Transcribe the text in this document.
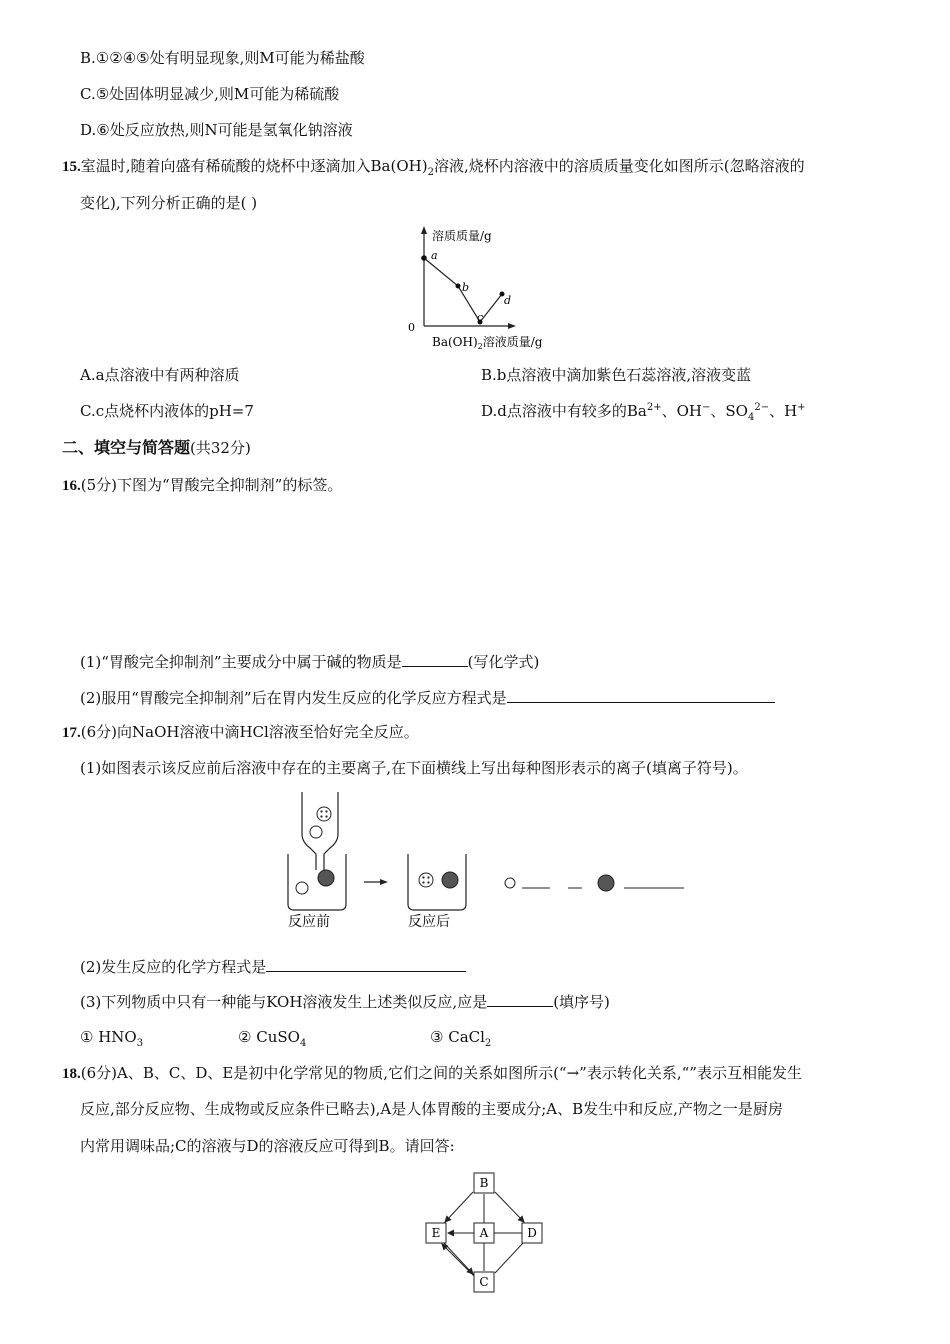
B.①②④⑤处有明显现象,则M可能为稀盐酸
C.⑤处固体明显减少,则M可能为稀硫酸
D.⑥处反应放热,则N可能是氢氧化钠溶液
15.室温时,随着向盛有稀硫酸的烧杯中逐滴加入$Ba(OH)_2$溶液,烧杯内溶液中的溶质质量变化如图所示(忽略溶液的
变化),下列分析正确的是( )
溶质质量/g
0
a
b
c
d
$Ba(OH)_2$溶液质量/g
A.a点溶液中有两种溶质	B.b点溶液中滴加紫色石蕊溶液,溶液变蓝
C.c点烧杯内液体的pH=7	D.d点溶液中有较多的$Ba^{2+}$、OH−、$SO_4^{2-}$、H+
二、填空与简答题(共32分)
16.(5分)下图为“胃酸完全抑制剂”的标签。
(1)“胃酸完全抑制剂”主要成分中属于碱的物质是	(写化学式)
(2)服用“胃酸完全抑制剂”后在胃内发生反应的化学反应方程式是
17.(6分)向NaOH溶液中滴HCl溶液至恰好完全反应。
(1)如图表示该反应前后溶液中存在的主要离子,在下面横线上写出每种图形表示的离子(填离子符号)。
反应前	反应后
(2)发生反应的化学方程式是
(3)下列物质中只有一种能与KOH溶液发生上述类似反应,应是	(填序号)
① $HNO_3$	② CuSO$_4$	③ CaCl$_2$
18.(6分)A、B、C、D、E是初中化学常见的物质,它们之间的关系如图所示(“→”表示转化关系,“”表示互相能发生
反应,部分反应物、生成物或反应条件已略去),A是人体胃酸的主要成分;A、B发生中和反应,产物之一是厨房
内常用调味品;C的溶液与D的溶液反应可得到B。请回答:
B
D
E
C
A
